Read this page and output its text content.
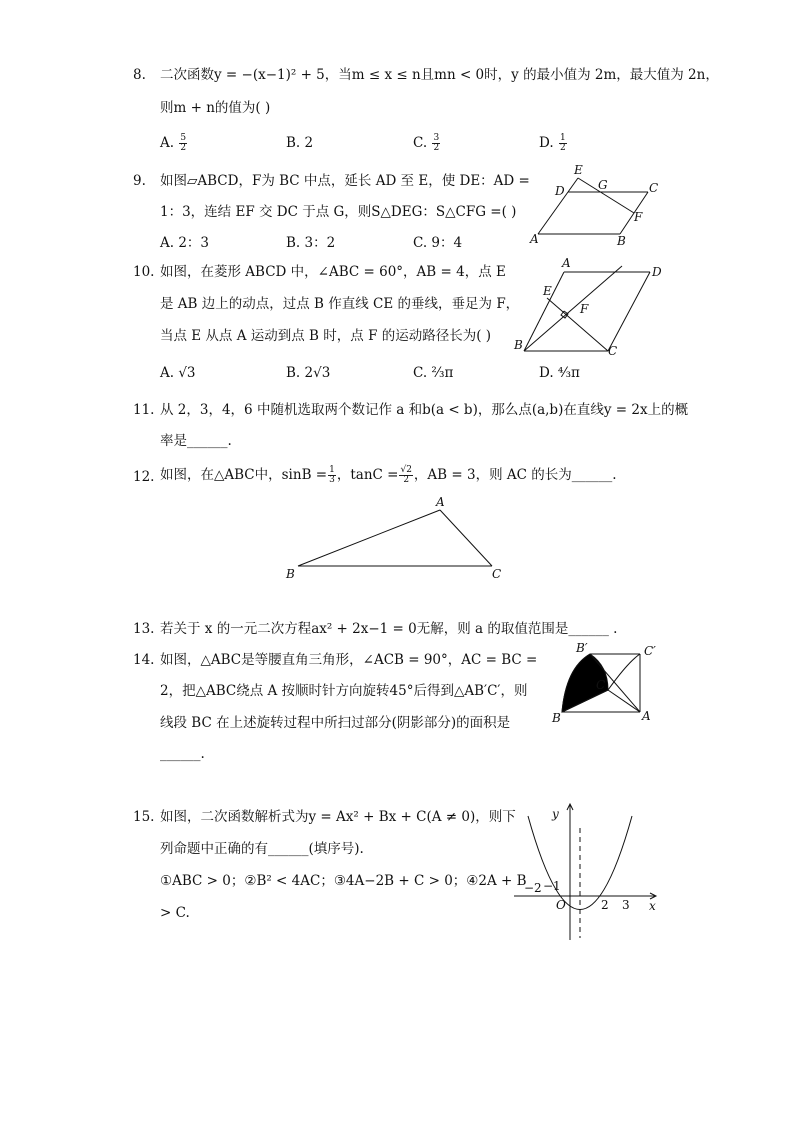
8. 二次函数y = −(x−1)² + 5，当m ≤ x ≤ n且mn < 0时，y 的最小值为 2m，最大值为 2n，
则m + n的值为( )
A. $\frac{5}{2}$	B. 2	C. $\frac{3}{2}$	D. $\frac{1}{2}$
9. 如图▱ABCD，F为 BC 中点，延长 AD 至 E，使 DE：AD =
1：3，连结 EF 交 DC 于点 G，则S△DEG：S△CFG =( )
A. 2：3	B. 3：2	C. 9：4
E
D	G	C
F
A	B
10. 如图，在菱形 ABCD 中，∠ABC = 60°，AB = 4，点 E
是 AB 边上的动点，过点 B 作直线 CE 的垂线，垂足为 F，
当点 E 从点 A 运动到点 B 时，点 F 的运动路径长为( )
A. √3	B. 2√3	C. ⅔π	D. ⁴⁄₃π
A
D
E
F
B	C
11. 从 2，3，4，6 中随机选取两个数记作 a 和b(a < b)，那么点(a,b)在直线y = 2x上的概
率是______.
12. 如图，在△ABC中，$\sin B = \frac{1}{3}$ ，$\tan C = \frac{√2}{2}$ ，AB = 3，则 AC 的长为______.
A
B	C
13. 若关于 x 的一元二次方程ax² + 2x−1 = 0无解，则 a 的取值范围是______ .
14. 如图，△ABC是等腰直角三角形，∠ACB = 90°，AC = BC =
2，把△ABC绕点 A 按顺时针方向旋转45°后得到△AB′C′，则
线段 BC 在上述旋转过程中所扫过部分(阴影部分)的面积是
______.
B′	C′
C
B	A
15. 如图，二次函数解析式为y = Ax² + Bx + C(A ≠ 0)，则下
列命题中正确的有______(填序号).
①ABC > 0；②B² < 4AC；③4A−2B + C > 0；④2A + B
> C.
y
x
O
−2 −1
2 3
